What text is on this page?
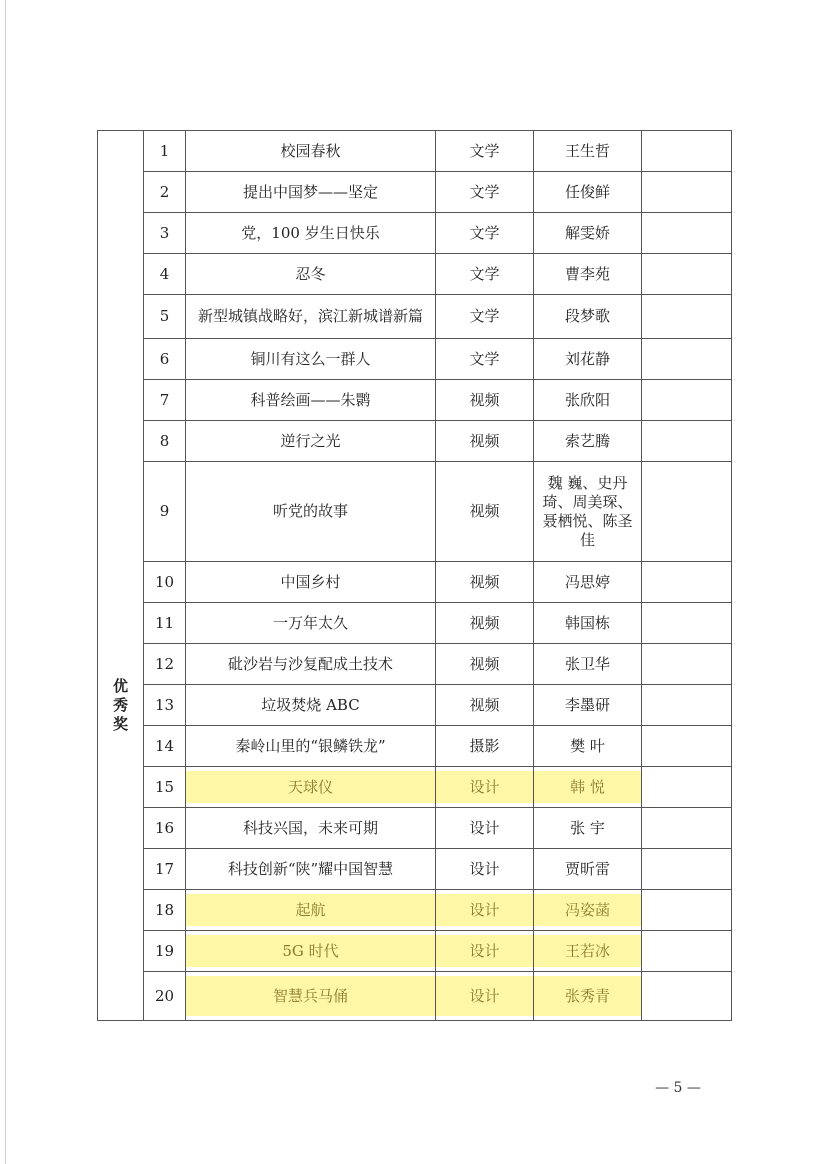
优
秀
奖	1	校园春秋	文学	王生哲	
	2	提出中国梦——坚定	文学	任俊鲜	
	3	党，100 岁生日快乐	文学	解雯娇	
	4	忍冬	文学	曹李苑	
	5	新型城镇战略好，滨江新城谱新篇	文学	段梦歌	
	6	铜川有这么一群人	文学	刘花静	
	7	科普绘画——朱鹮	视频	张欣阳	
	8	逆行之光	视频	索艺腾	
	9	听党的故事	视频	魏 巍、史丹琦、周美琛、聂栖悦、陈圣佳	
	10	中国乡村	视频	冯思婷	
	11	一万年太久	视频	韩国栋	
	12	砒沙岩与沙复配成土技术	视频	张卫华	
	13	垃圾焚烧 ABC	视频	李墨研	
	14	秦岭山里的“银鳞铁龙”	摄影	樊 叶	
	15	天球仪	设计	韩 悦	
	16	科技兴国，未来可期	设计	张 宇	
	17	科技创新“陕”耀中国智慧	设计	贾昕雷	
	18	起航	设计	冯姿菡	
	19	5G 时代	设计	王若冰	
	20	智慧兵马俑	设计	张秀青	
— 5 —
